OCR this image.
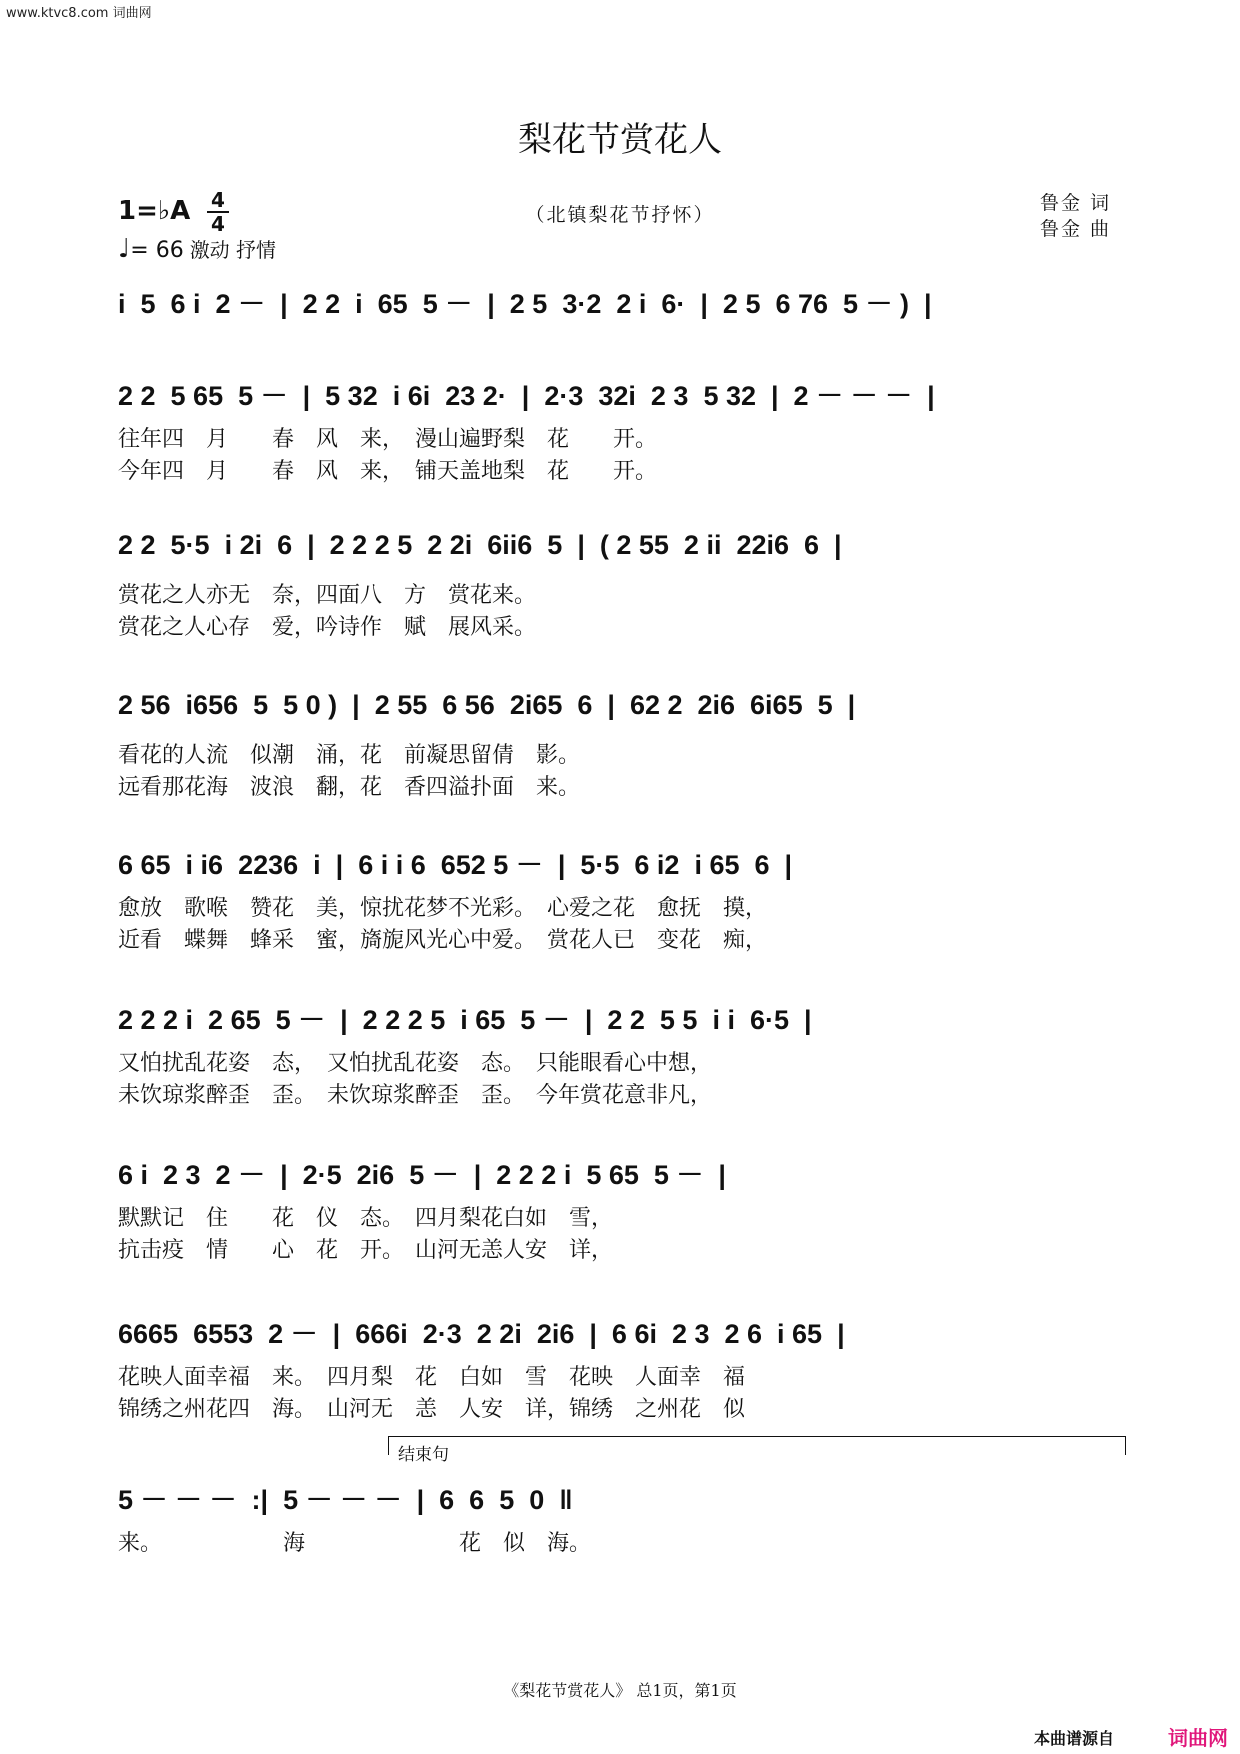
www.ktvc8.com 词曲网
梨花节赏花人
（北镇梨花节抒怀）
鲁金 词
鲁金 曲
1=♭A 4
4
♩= 66 激动 抒情
i  5  6 i  2 －  |  2 2  i  65  5 －  |  2 5  3·2  2 i  6·  |  2 5  6 76  5 － )  |
2 2  5 65  5 －  |  5 32  i 6i  23 2·  |  2·3  32i  2 3  5 32  |  2 － － －  |
往年四　月　　春　风　来，　漫山遍野梨　花　　开。
今年四　月　　春　风　来，　铺天盖地梨　花　　开。
2 2  5·5  i 2i  6  |  2 2 2 5  2 2i  6ii6  5  |  ( 2 55  2 ii  22i6  6  |
赏花之人亦无　奈，四面八　方　赏花来。
赏花之人心存　爱，吟诗作　赋　展风采。
2 56  i656  5  5 0 )  |  2 55  6 56  2i65  6  |  62 2  2i6  6i65  5  |
看花的人流　似潮　涌，花　前凝思留倩　影。
远看那花海　波浪　翻，花　香四溢扑面　来。
6 65  i i6  2236  i  |  6 i i 6  652 5 －  |  5·5  6 i2  i 65  6  |
愈放　歌喉　赞花　美，惊扰花梦不光彩。　心爱之花　愈抚　摸，
近看　蝶舞　蜂采　蜜，旖旎风光心中爱。　赏花人已　变花　痴，
2 2 2 i  2 65  5 －  |  2 2 2 5  i 65  5 －  |  2 2  5 5  i i  6·5  |
又怕扰乱花姿　态，　又怕扰乱花姿　态。　只能眼看心中想，
未饮琼浆醉歪　歪。　未饮琼浆醉歪　歪。　今年赏花意非凡，
6 i  2 3  2 －  |  2·5  2i6  5 －  |  2 2 2 i  5 65  5 －  |
默默记　住　　花　仪　态。　四月梨花白如　雪，
抗击疫　情　　心　花　开。　山河无恙人安　详，
6665  6553  2 －  |  666i  2·3  2 2i  2i6  |  6 6i  2 3  2 6  i 65  |
花映人面幸福　来。　四月梨　花　白如　雪　花映　人面幸　福
锦绣之州花四　海。　山河无　恙　人安　详，锦绣　之州花　似
5 － － －  :|  5 － － －  |  6  6  5  0  ‖
来。　　　　　　海　　　　　　　花　似　海。
结束句
《梨花节赏花人》 总1页，第1页
本曲谱源自	词曲网
